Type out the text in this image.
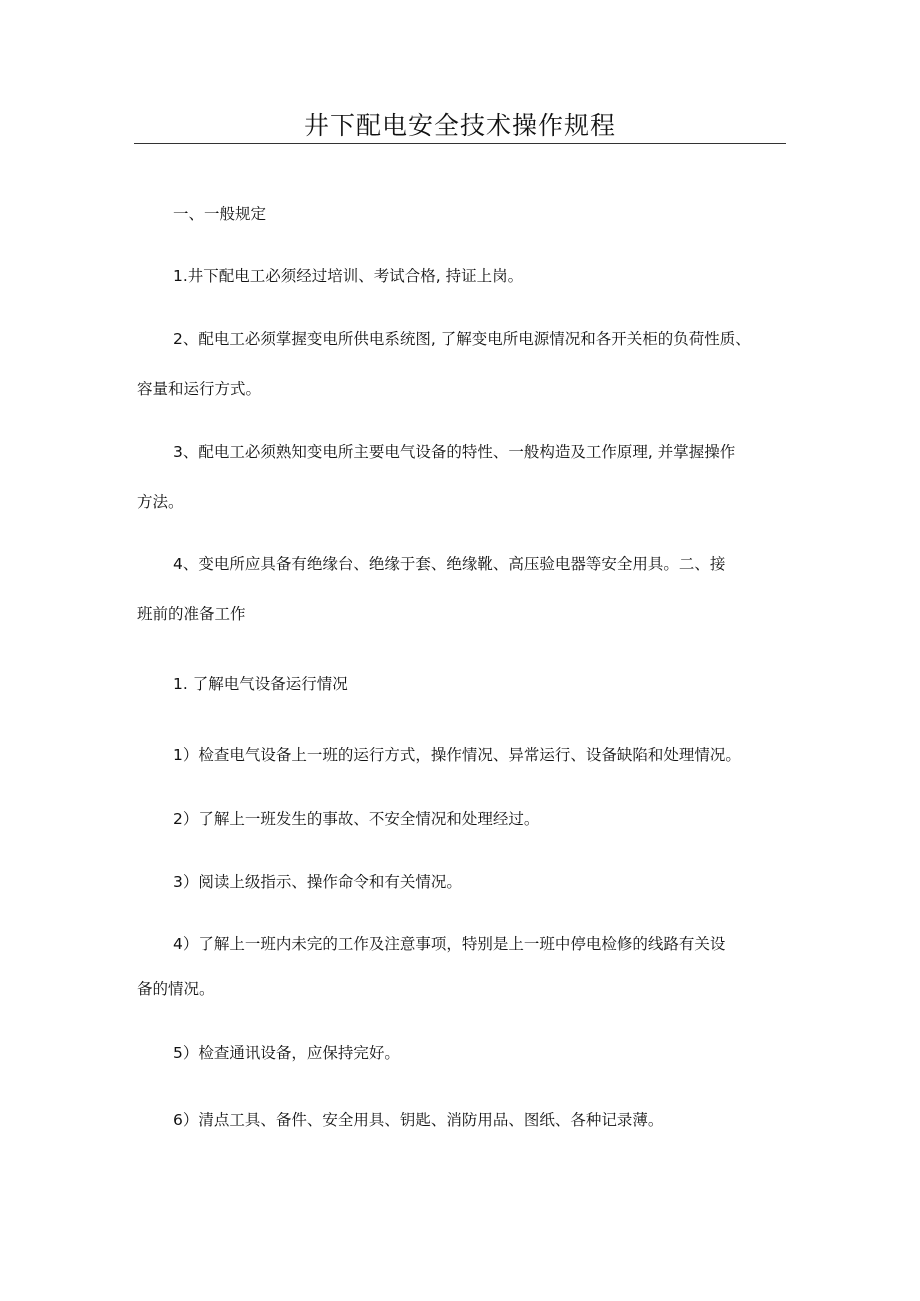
井下配电安全技术操作规程

一、一般规定

1.井下配电工必须经过培训、考试合格, 持证上岗。

2、配电工必须掌握变电所供电系统图, 了解变电所电源情况和各开关柜的负荷性质、

容量和运行方式。

3、配电工必须熟知变电所主要电气设备的特性、一般构造及工作原理, 并掌握操作

方法。

4、变电所应具备有绝缘台、绝缘于套、绝缘靴、高压验电器等安全用具。二、接

班前的准备工作

1. 了解电气设备运行情况

1）检查电气设备上一班的运行方式，操作情况、异常运行、设备缺陷和处理情况。

2）了解上一班发生的事故、不安全情况和处理经过。

3）阅读上级指示、操作命令和有关情况。

4）了解上一班内未完的工作及注意事项，特别是上一班中停电检修的线路有关设

备的情况。

5）检查通讯设备，应保持完好。

6）清点工具、备件、安全用具、钥匙、消防用品、图纸、各种记录薄。
